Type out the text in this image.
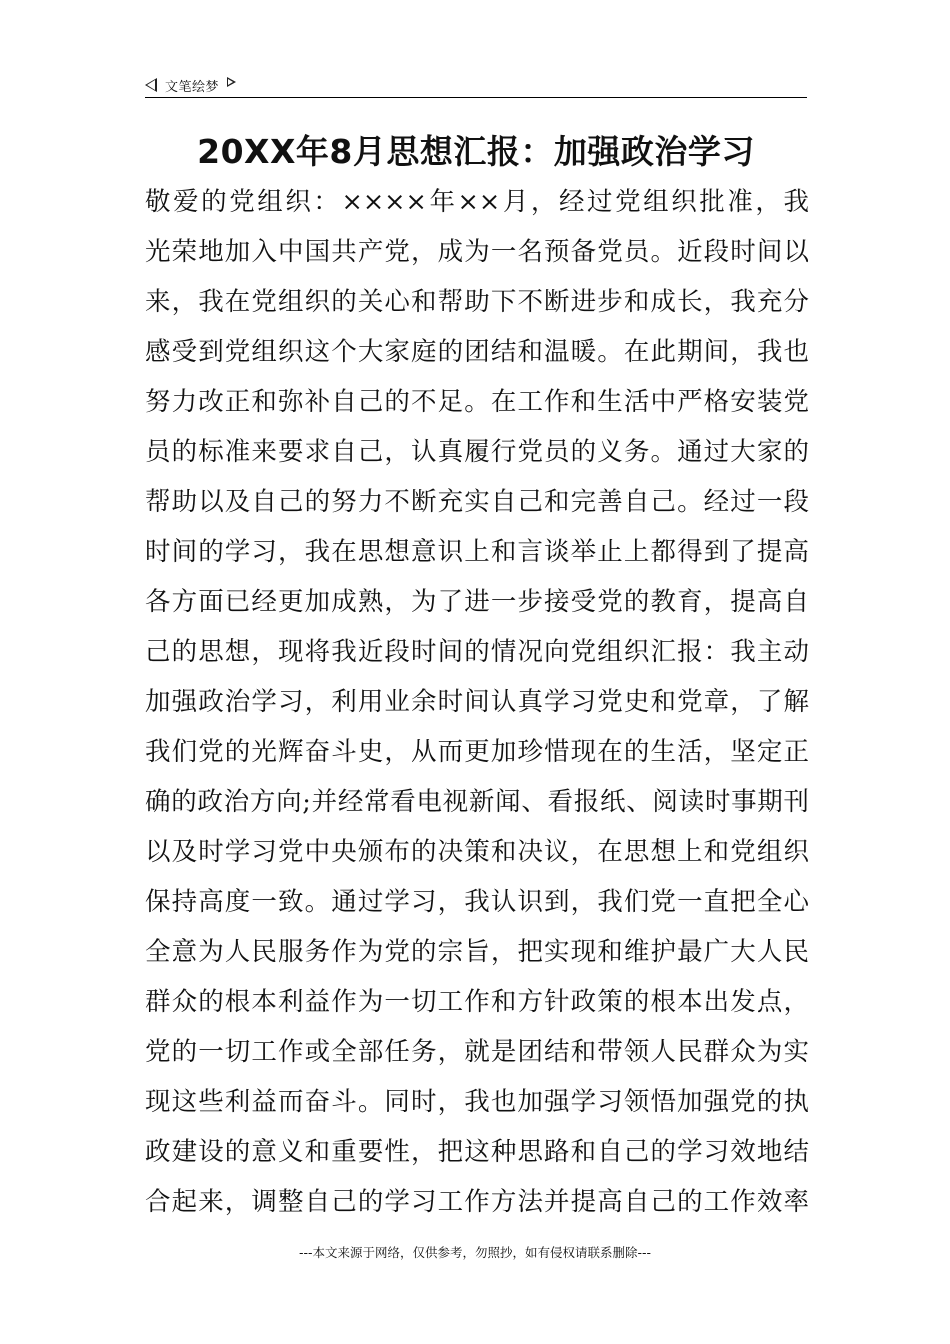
文笔绘梦
20XX年8月思想汇报：加强政治学习
敬爱的党组织：××××年××月，经过党组织批准，我
光荣地加入中国共产党，成为一名预备党员。近段时间以
来，我在党组织的关心和帮助下不断进步和成长，我充分
感受到党组织这个大家庭的团结和温暖。在此期间，我也
努力改正和弥补自己的不足。在工作和生活中严格安装党
员的标准来要求自己，认真履行党员的义务。通过大家的
帮助以及自己的努力不断充实自己和完善自己。经过一段
时间的学习，我在思想意识上和言谈举止上都得到了提高
各方面已经更加成熟，为了进一步接受党的教育，提高自
己的思想，现将我近段时间的情况向党组织汇报：我主动
加强政治学习，利用业余时间认真学习党史和党章，了解
我们党的光辉奋斗史，从而更加珍惜现在的生活，坚定正
确的政治方向;并经常看电视新闻、看报纸、阅读时事期刊
以及时学习党中央颁布的决策和决议，在思想上和党组织
保持高度一致。通过学习，我认识到，我们党一直把全心
全意为人民服务作为党的宗旨，把实现和维护最广大人民
群众的根本利益作为一切工作和方针政策的根本出发点，
党的一切工作或全部任务，就是团结和带领人民群众为实
现这些利益而奋斗。同时，我也加强学习领悟加强党的执
政建设的意义和重要性，把这种思路和自己的学习效地结
合起来，调整自己的学习工作方法并提高自己的工作效率
---本文来源于网络，仅供参考，勿照抄，如有侵权请联系删除---
